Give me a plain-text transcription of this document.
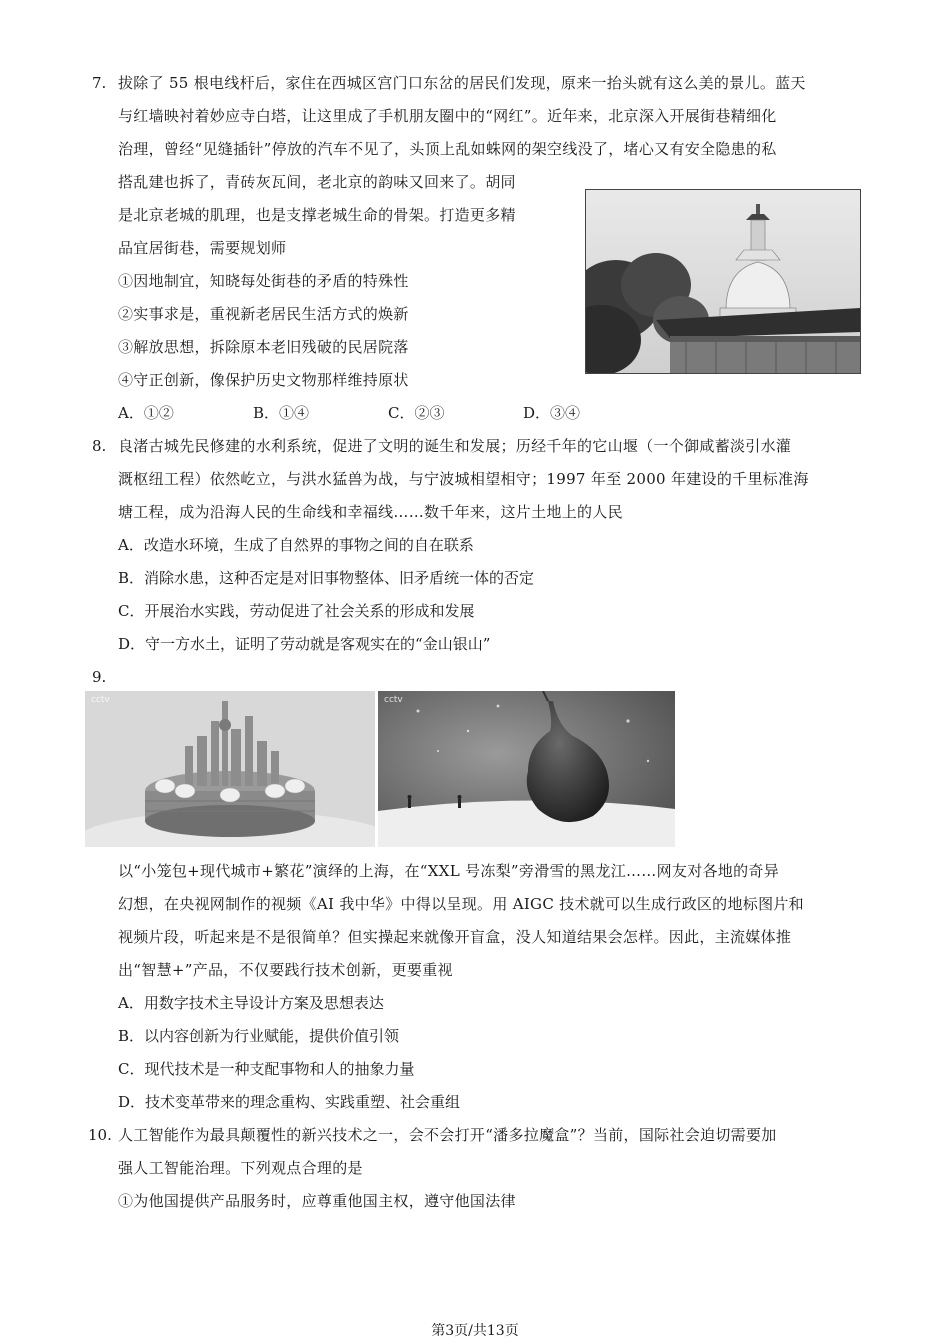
7. 拔除了 55 根电线杆后，家住在西城区宫门口东岔的居民们发现，原来一抬头就有这么美的景儿。蓝天
与红墙映衬着妙应寺白塔，让这里成了手机朋友圈中的“网红”。近年来，北京深入开展街巷精细化
治理，曾经“见缝插针”停放的汽车不见了，头顶上乱如蛛网的架空线没了，堵心又有安全隐患的私
搭乱建也拆了，青砖灰瓦间，老北京的韵味又回来了。胡同
是北京老城的肌理，也是支撑老城生命的骨架。打造更多精
品宜居街巷，需要规划师
①因地制宜，知晓每处街巷的矛盾的特殊性
②实事求是，重视新老居民生活方式的焕新
③解放思想，拆除原本老旧残破的民居院落
④守正创新，像保护历史文物那样维持原状
A．①②	B．①④	C．②③	D．③④
8. 良渚古城先民修建的水利系统，促进了文明的诞生和发展；历经千年的它山堰（一个御咸蓄淡引水灌
溉枢纽工程）依然屹立，与洪水猛兽为战，与宁波城相望相守；1997 年至 2000 年建设的千里标准海
塘工程，成为沿海人民的生命线和幸福线……数千年来，这片土地上的人民
A．改造水环境，生成了自然界的事物之间的自在联系
B．消除水患，这种否定是对旧事物整体、旧矛盾统一体的否定
C．开展治水实践，劳动促进了社会关系的形成和发展
D．守一方水土，证明了劳动就是客观实在的“金山银山”
9.
cctv	cctv
以“小笼包+现代城市+繁花”演绎的上海，在“XXL 号冻梨”旁滑雪的黑龙江……网友对各地的奇异
幻想，在央视网制作的视频《AI 我中华》中得以呈现。用 AIGC 技术就可以生成行政区的地标图片和
视频片段，听起来是不是很简单？但实操起来就像开盲盒，没人知道结果会怎样。因此，主流媒体推
出“智慧+”产品，不仅要践行技术创新，更要重视
A．用数字技术主导设计方案及思想表达
B．以内容创新为行业赋能，提供价值引领
C．现代技术是一种支配事物和人的抽象力量
D．技术变革带来的理念重构、实践重塑、社会重组
10. 人工智能作为最具颠覆性的新兴技术之一，会不会打开“潘多拉魔盒”？当前，国际社会迫切需要加
强人工智能治理。下列观点合理的是
①为他国提供产品服务时，应尊重他国主权，遵守他国法律
第3页/共13页
